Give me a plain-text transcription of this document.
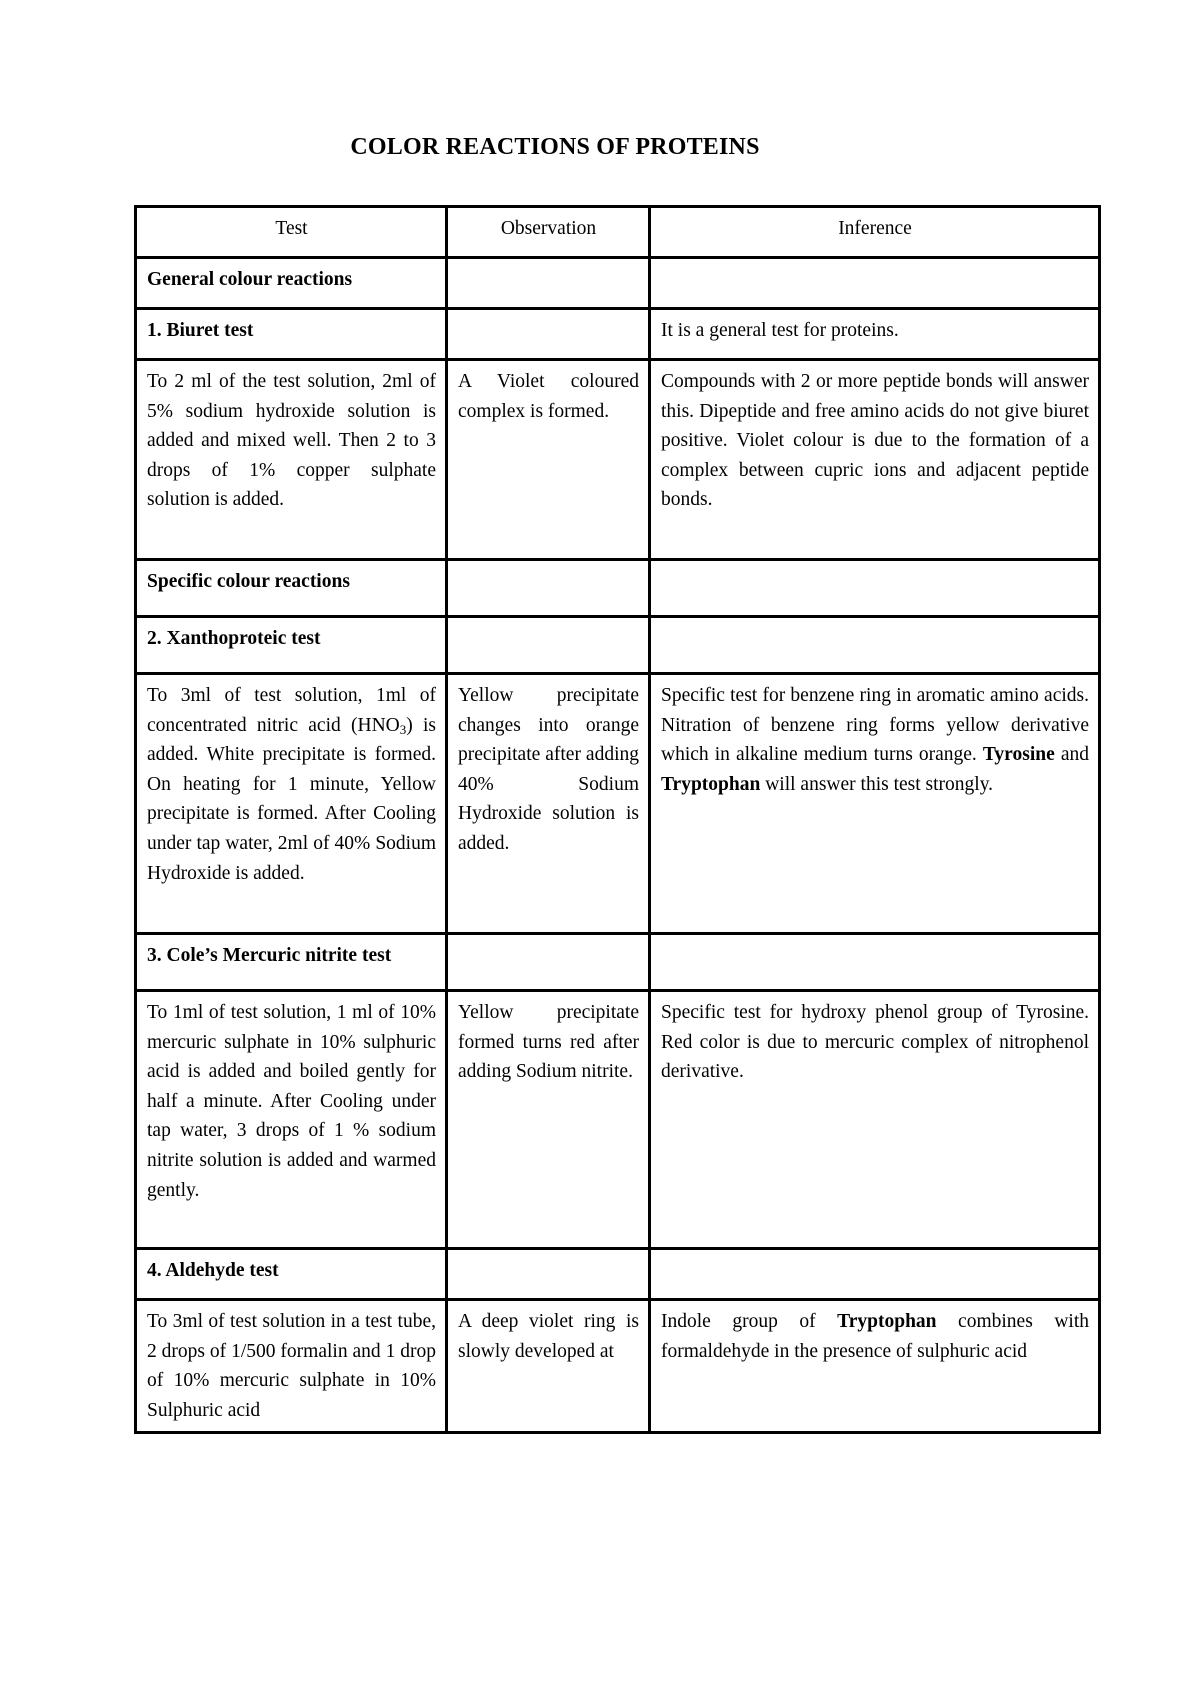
COLOR REACTIONS OF PROTEINS
Test	Observation	Inference
General colour reactions		
1. Biuret test		It is a general test for proteins.
To 2 ml of the test solution, 2ml of 5% sodium hydroxide solution is added and mixed well. Then 2 to 3 drops of 1% copper sulphate solution is added.	A Violet coloured complex is formed.	Compounds with 2 or more peptide bonds will answer this. Dipeptide and free amino acids do not give biuret positive. Violet colour is due to the formation of a complex between cupric ions and adjacent peptide bonds.
Specific colour reactions		
2. Xanthoproteic test		
To 3ml of test solution, 1ml of concentrated nitric acid $(HNO_3)$ is added. White precipitate is formed. On heating for 1 minute, Yellow precipitate is formed. After Cooling under tap water, 2ml of 40% Sodium Hydroxide is added.	Yellow precipitate changes into orange precipitate after adding 40% Sodium Hydroxide solution is added.	Specific test for benzene ring in aromatic amino acids. Nitration of benzene ring forms yellow derivative which in alkaline medium turns orange. Tyrosine and Tryptophan will answer this test strongly.
3. Cole’s Mercuric nitrite test		
To 1ml of test solution, 1 ml of 10% mercuric sulphate in 10% sulphuric acid is added and boiled gently for half a minute. After Cooling under tap water, 3 drops of 1 % sodium nitrite solution is added and warmed gently.	Yellow precipitate formed turns red after adding Sodium nitrite.	Specific test for hydroxy phenol group of Tyrosine. Red color is due to mercuric complex of nitrophenol derivative.
4. Aldehyde test		
To 3ml of test solution in a test tube, 2 drops of 1/500 formalin and 1 drop of 10% mercuric sulphate in 10% Sulphuric acid	A deep violet ring is slowly developed at	Indole group of Tryptophan combines with formaldehyde in the presence of sulphuric acid
